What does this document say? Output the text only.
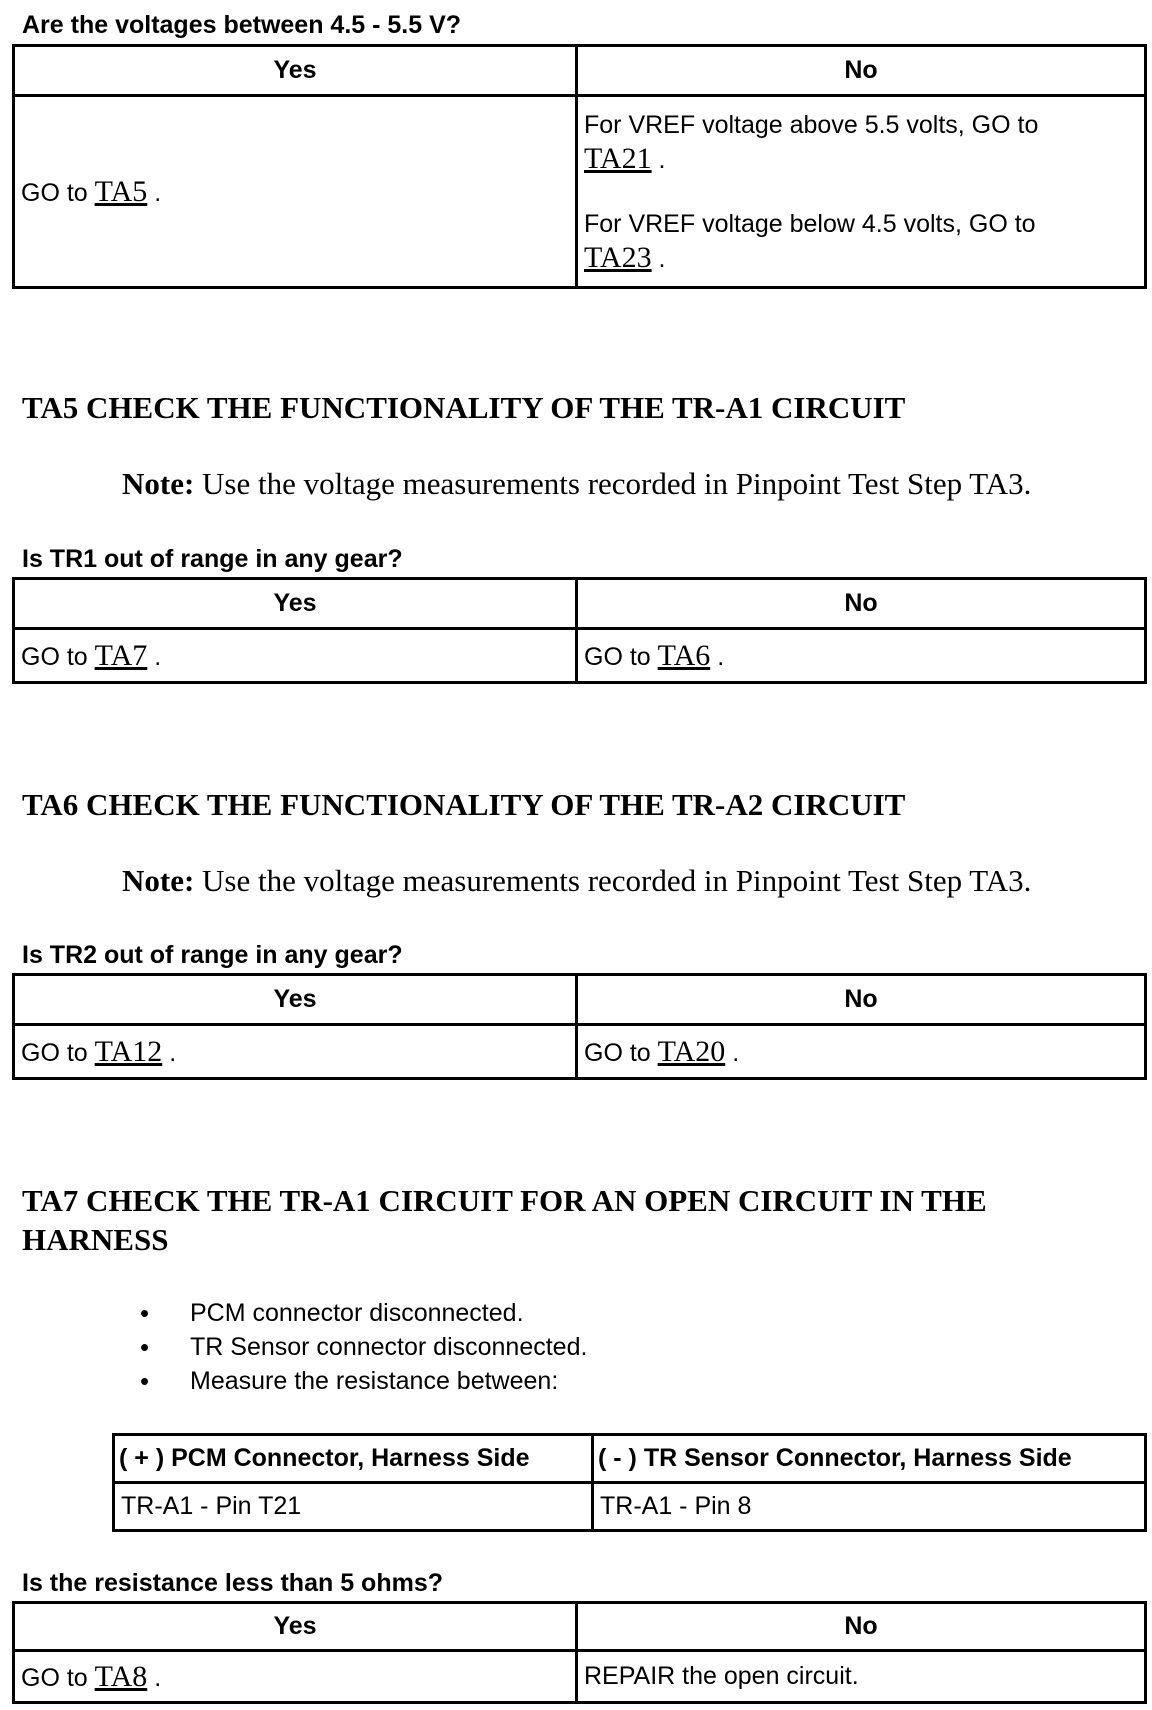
Are the voltages between 4.5 - 5.5 V?

Yes	No
GO to TA5 .	For VREF voltage above 5.5 volts, GO to
TA21 .

For VREF voltage below 4.5 volts, GO to
TA23 .

TA5 CHECK THE FUNCTIONALITY OF THE TR-A1 CIRCUIT

Note: Use the voltage measurements recorded in Pinpoint Test Step TA3.

Is TR1 out of range in any gear?

Yes	No
GO to TA7 .	GO to TA6 .
TA6 CHECK THE FUNCTIONALITY OF THE TR-A2 CIRCUIT

Note: Use the voltage measurements recorded in Pinpoint Test Step TA3.

Is TR2 out of range in any gear?

Yes	No
GO to TA12 .	GO to TA20 .
TA7 CHECK THE TR-A1 CIRCUIT FOR AN OPEN CIRCUIT IN THE HARNESS
• PCM connector disconnected.
• TR Sensor connector disconnected.
• Measure the resistance between:
( + ) PCM Connector, Harness Side	( - ) TR Sensor Connector, Harness Side
TR-A1 - Pin T21	TR-A1 - Pin 8

Is the resistance less than 5 ohms?

Yes	No
GO to TA8 .	REPAIR the open circuit.
